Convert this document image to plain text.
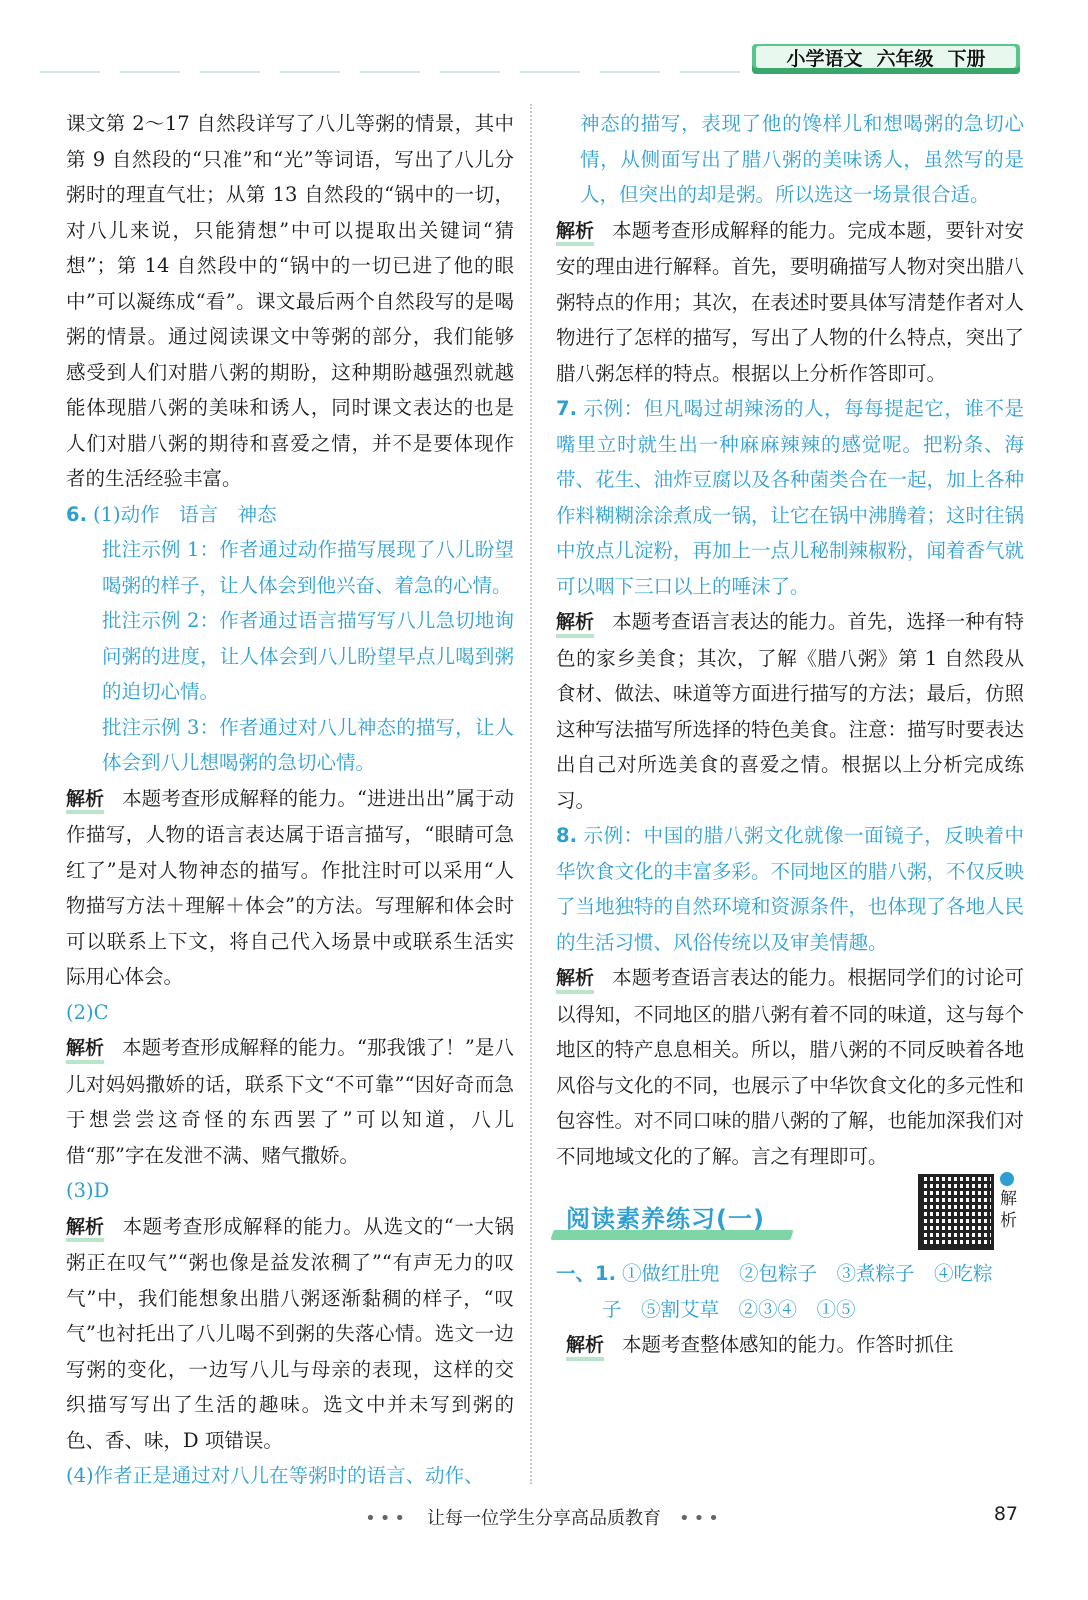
小学语文 六年级 下册

课文第 2～17 自然段详写了八儿等粥的情景，其中第 9 自然段的“只准”和“光”等词语，写出了八儿分粥时的理直气壮；从第 13 自然段的“锅中的一切，对八儿来说，只能猜想”中可以提取出关键词“猜想”；第 14 自然段中的“锅中的一切已进了他的眼中”可以凝练成“看”。课文最后两个自然段写的是喝粥的情景。通过阅读课文中等粥的部分，我们能够感受到人们对腊八粥的期盼，这种期盼越强烈就越能体现腊八粥的美味和诱人，同时课文表达的也是人们对腊八粥的期待和喜爱之情，并不是要体现作者的生活经验丰富。

6. (1)动作　语言　神态

批注示例 1：作者通过动作描写展现了八儿盼望喝粥的样子，让人体会到他兴奋、着急的心情。

批注示例 2：作者通过语言描写写八儿急切地询问粥的进度，让人体会到八儿盼望早点儿喝到粥的迫切心情。

批注示例 3：作者通过对八儿神态的描写，让人体会到八儿想喝粥的急切心情。

解析 本题考查形成解释的能力。“进进出出”属于动作描写，人物的语言表达属于语言描写，“眼睛可急红了”是对人物神态的描写。作批注时可以采用“人物描写方法＋理解＋体会”的方法。写理解和体会时可以联系上下文，将自己代入场景中或联系生活实际用心体会。

(2)C

解析 本题考查形成解释的能力。“那我饿了！”是八儿对妈妈撒娇的话，联系下文“不可靠”“因好奇而急于想尝尝这奇怪的东西罢了”可以知道，八儿借“那”字在发泄不满、赌气撒娇。

(3)D

解析 本题考查形成解释的能力。从选文的“一大锅粥正在叹气”“粥也像是益发浓稠了”“有声无力的叹气”中，我们能想象出腊八粥逐渐黏稠的样子，“叹气”也衬托出了八儿喝不到粥的失落心情。选文一边写粥的变化，一边写八儿与母亲的表现，这样的交织描写写出了生活的趣味。选文中并未写到粥的色、香、味，D 项错误。

(4)作者正是通过对八儿在等粥时的语言、动作、

神态的描写，表现了他的馋样儿和想喝粥的急切心情，从侧面写出了腊八粥的美味诱人，虽然写的是人，但突出的却是粥。所以选这一场景很合适。

解析 本题考查形成解释的能力。完成本题，要针对安安的理由进行解释。首先，要明确描写人物对突出腊八粥特点的作用；其次，在表述时要具体写清楚作者对人物进行了怎样的描写，写出了人物的什么特点，突出了腊八粥怎样的特点。根据以上分析作答即可。

7. 示例：但凡喝过胡辣汤的人，每每提起它，谁不是嘴里立时就生出一种麻麻辣辣的感觉呢。把粉条、海带、花生、油炸豆腐以及各种菌类合在一起，加上各种作料糊糊涂涂煮成一锅，让它在锅中沸腾着；这时往锅中放点儿淀粉，再加上一点儿秘制辣椒粉，闻着香气就可以咽下三口以上的唾沫了。

解析 本题考查语言表达的能力。首先，选择一种有特色的家乡美食；其次，了解《腊八粥》第 1 自然段从食材、做法、味道等方面进行描写的方法；最后，仿照这种写法描写所选择的特色美食。注意：描写时要表达出自己对所选美食的喜爱之情。根据以上分析完成练习。

8. 示例：中国的腊八粥文化就像一面镜子，反映着中华饮食文化的丰富多彩。不同地区的腊八粥，不仅反映了当地独特的自然环境和资源条件，也体现了各地人民的生活习惯、风俗传统以及审美情趣。

解析 本题考查语言表达的能力。根据同学们的讨论可以得知，不同地区的腊八粥有着不同的味道，这与每个地区的特产息息相关。所以，腊八粥的不同反映着各地风俗与文化的不同，也展示了中华饮食文化的多元性和包容性。对不同口味的腊八粥的了解，也能加深我们对不同地域文化的了解。言之有理即可。

阅读素养练习(一)
解析

一、1. ①做红肚兜　②包粽子　③煮粽子　④吃粽

子　⑤割艾草　②③④　①⑤

解析 本题考查整体感知的能力。作答时抓住

••• 让每一位学生分享高品质教育 •••	87
